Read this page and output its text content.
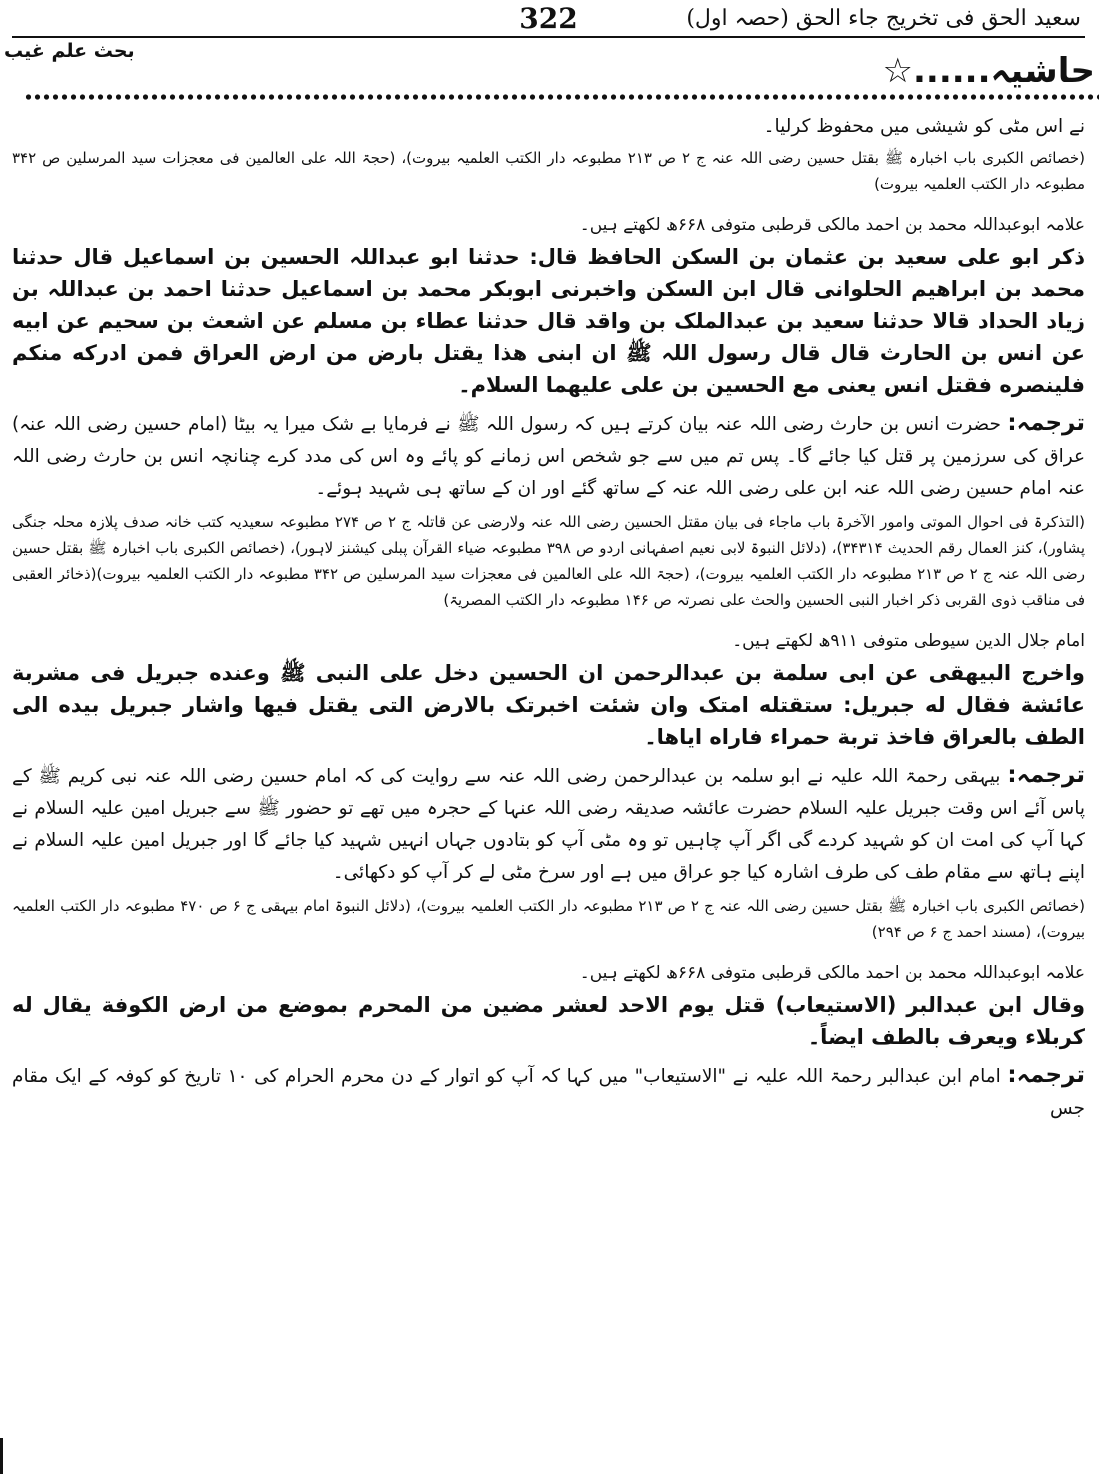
سعید الحق فی تخریج جاء الحق (حصہ اول)
322
بحث علم غیب	حاشیہ......☆

نے اس مٹی کو شیشی میں محفوظ کرلیا۔

(خصائص الکبری باب اخبارہ ﷺ بقتل حسین رضی اللہ عنہ ج ۲ ص ۲۱۳ مطبوعہ دار الکتب العلمیہ بیروت)، (حجۃ اللہ علی العالمین فی معجزات سید المرسلین ص ۳۴۲ مطبوعہ دار الکتب العلمیہ بیروت)

علامہ ابوعبداللہ محمد بن احمد مالکی قرطبی متوفی ۶۶۸ھ لکھتے ہیں۔

ذکر ابو علی سعید بن عثمان بن السکن الحافظ قال: حدثنا ابو عبداللہ الحسین بن اسماعیل قال حدثنا محمد بن ابراهیم الحلوانی قال ابن السکن واخبرنی ابوبکر محمد بن اسماعیل حدثنا احمد بن عبداللہ بن زیاد الحداد قالا حدثنا سعید بن عبدالملک بن واقد قال حدثنا عطاء بن مسلم عن اشعث بن سحیم عن ابیه عن انس بن الحارث قال قال رسول اللہ ﷺ ان ابنی هذا یقتل بارض من ارض العراق فمن ادرکه منکم فلینصره فقتل انس یعنی مع الحسین بن علی علیهما السلام۔

ترجمہ: حضرت انس بن حارث رضی اللہ عنہ بیان کرتے ہیں کہ رسول اللہ ﷺ نے فرمایا بے شک میرا یہ بیٹا (امام حسین رضی اللہ عنہ) عراق کی سرزمین پر قتل کیا جائے گا۔ پس تم میں سے جو شخص اس زمانے کو پائے وہ اس کی مدد کرے چنانچہ انس بن حارث رضی اللہ عنہ امام حسین رضی اللہ عنہ ابن علی رضی اللہ عنہ کے ساتھ گئے اور ان کے ساتھ ہی شہید ہوئے۔

(التذکرۃ فی احوال الموتی وامور الآخرۃ باب ماجاء فی بیان مقتل الحسین رضی اللہ عنہ ولارضی عن قاتلہ ج ۲ ص ۲۷۴ مطبوعہ سعیدیہ کتب خانہ صدف پلازہ محلہ جنگی پشاور)، کنز العمال رقم الحدیث ۳۴۳۱۴)، (دلائل النبوۃ لابی نعیم اصفہانی اردو ص ۳۹۸ مطبوعہ ضیاء القرآن پبلی کیشنز لاہور)، (خصائص الکبری باب اخبارہ ﷺ بقتل حسین رضی اللہ عنہ ج ۲ ص ۲۱۳ مطبوعہ دار الکتب العلمیہ بیروت)، (حجۃ اللہ علی العالمین فی معجزات سید المرسلین ص ۳۴۲ مطبوعہ دار الکتب العلمیہ بیروت)(ذخائر العقبی فی مناقب ذوی القربی ذکر اخبار النبی الحسین والحث علی نصرتہ ص ۱۴۶ مطبوعہ دار الکتب المصریۃ)

امام جلال الدین سیوطی متوفی ۹۱۱ھ لکھتے ہیں۔

واخرج البیهقی عن ابی سلمة بن عبدالرحمن ان الحسین دخل علی النبی ﷺ وعنده جبریل فی مشربة عائشة فقال له جبریل: ستقتله امتک وان شئت اخبرتک بالارض التی یقتل فیها واشار جبریل بیده الی الطف بالعراق فاخذ تربة حمراء فاراه ایاها۔

ترجمہ: بیہقی رحمۃ اللہ علیہ نے ابو سلمہ بن عبدالرحمن رضی اللہ عنہ سے روایت کی کہ امام حسین رضی اللہ عنہ نبی کریم ﷺ کے پاس آئے اس وقت جبریل علیہ السلام حضرت عائشہ صدیقہ رضی اللہ عنہا کے حجرہ میں تھے تو حضور ﷺ سے جبریل امین علیہ السلام نے کہا آپ کی امت ان کو شہید کردے گی اگر آپ چاہیں تو وہ مٹی آپ کو بتادوں جہاں انہیں شہید کیا جائے گا اور جبریل امین علیہ السلام نے اپنے ہاتھ سے مقام طف کی طرف اشارہ کیا جو عراق میں ہے اور سرخ مٹی لے کر آپ کو دکھائی۔

(خصائص الکبری باب اخبارہ ﷺ بقتل حسین رضی اللہ عنہ ج ۲ ص ۲۱۳ مطبوعہ دار الکتب العلمیہ بیروت)، (دلائل النبوۃ امام بیہقی ج ۶ ص ۴۷۰ مطبوعہ دار الکتب العلمیہ بیروت)، (مسند احمد ج ۶ ص ۲۹۴)

علامہ ابوعبداللہ محمد بن احمد مالکی قرطبی متوفی ۶۶۸ھ لکھتے ہیں۔

وقال ابن عبدالبر (الاستیعاب) قتل یوم الاحد لعشر مضین من المحرم بموضع من ارض الکوفة یقال له کربلاء ویعرف بالطف ایضاً۔

ترجمہ: امام ابن عبدالبر رحمۃ اللہ علیہ نے "الاستیعاب" میں کہا کہ آپ کو اتوار کے دن محرم الحرام کی ۱۰ تاریخ کو کوفہ کے ایک مقام جس
